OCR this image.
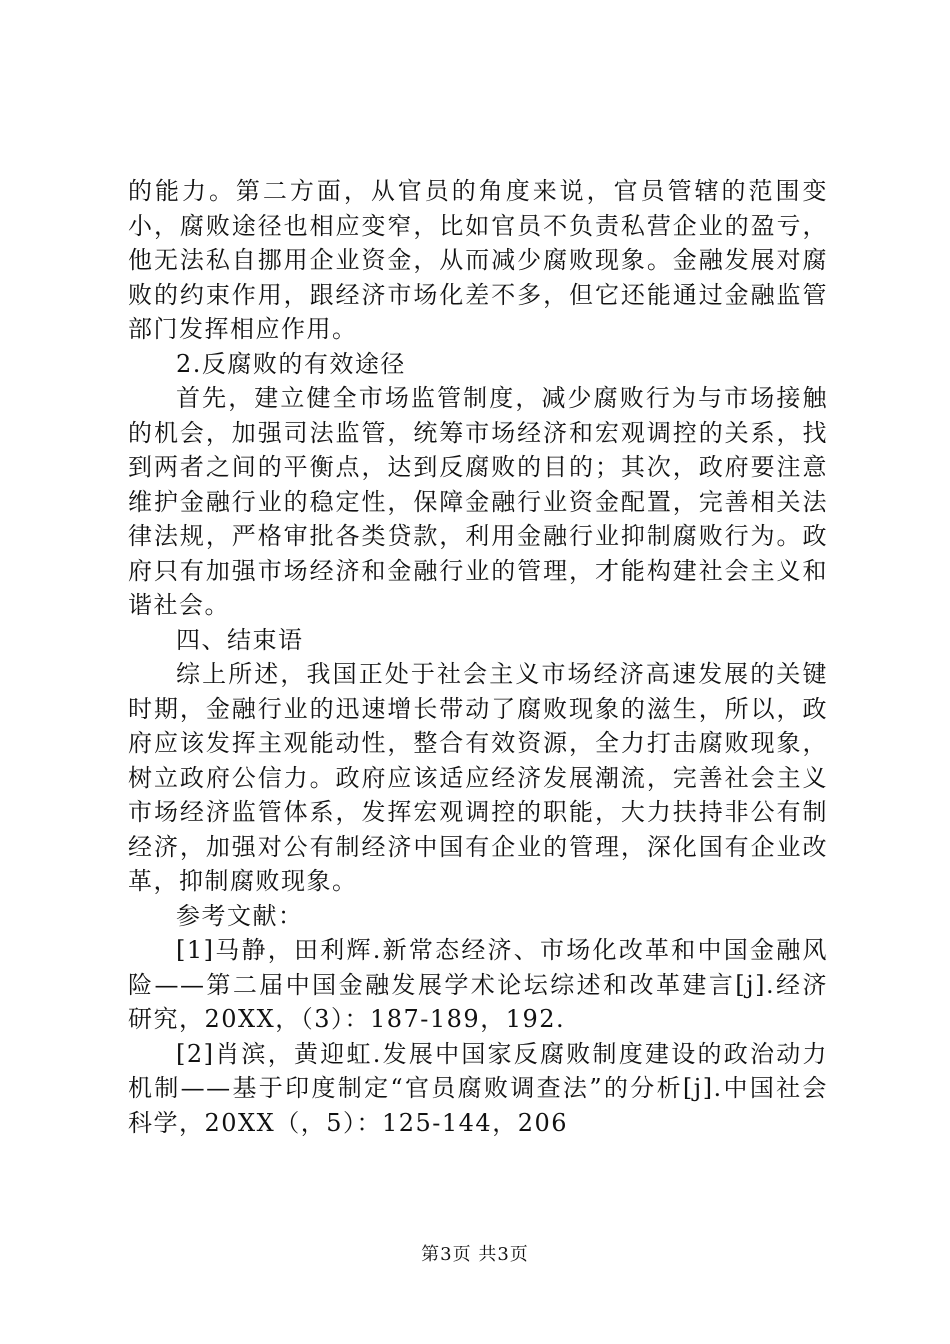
的能力。第二方面，从官员的角度来说，官员管辖的范围变小，腐败途径也相应变窄，比如官员不负责私营企业的盈亏，他无法私自挪用企业资金，从而减少腐败现象。金融发展对腐败的约束作用，跟经济市场化差不多，但它还能通过金融监管部门发挥相应作用。

2.反腐败的有效途径

首先，建立健全市场监管制度，减少腐败行为与市场接触的机会，加强司法监管，统筹市场经济和宏观调控的关系，找到两者之间的平衡点，达到反腐败的目的；其次，政府要注意维护金融行业的稳定性，保障金融行业资金配置，完善相关法律法规，严格审批各类贷款，利用金融行业抑制腐败行为。政府只有加强市场经济和金融行业的管理，才能构建社会主义和谐社会。

四、结束语

综上所述，我国正处于社会主义市场经济高速发展的关键时期，金融行业的迅速增长带动了腐败现象的滋生，所以，政府应该发挥主观能动性，整合有效资源，全力打击腐败现象，树立政府公信力。政府应该适应经济发展潮流，完善社会主义市场经济监管体系，发挥宏观调控的职能，大力扶持非公有制经济，加强对公有制经济中国有企业的管理，深化国有企业改革，抑制腐败现象。

参考文献：

[1]马静，田利辉.新常态经济、市场化改革和中国金融风险——第二届中国金融发展学术论坛综述和改革建言[j].经济研究，20XX，（3）：187-189，192.

[2]肖滨，黄迎虹.发展中国家反腐败制度建设的政治动力机制——基于印度制定“官员腐败调查法”的分析[j].中国社会科学，20XX（，5）：125-144，206

第3页 共3页
